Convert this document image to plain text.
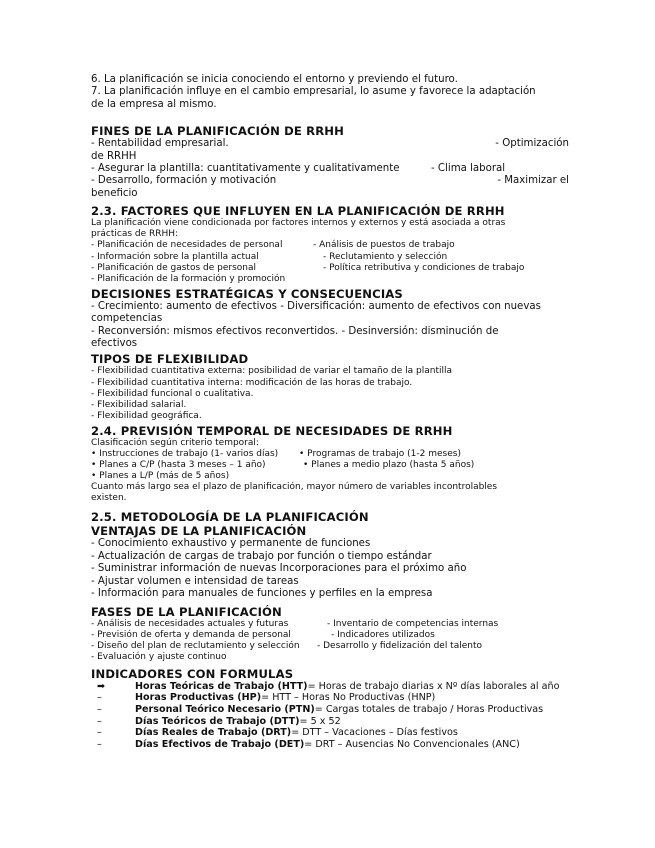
6. La planificación se inicia conociendo el entorno y previendo el futuro.

7. La planificación influye en el cambio empresarial, lo asume y favorece la adaptación

de la empresa al mismo.

FINES DE LA PLANIFICACIÓN DE RRHH

- Rentabilidad empresarial.	- Optimización

de RRHH

- Asegurar la plantilla: cuantitativamente y cualitativamente	- Clima laboral
- Desarrollo, formación y motivación	- Maximizar el

beneficio

2.3. FACTORES QUE INFLUYEN EN LA PLANIFICACIÓN DE RRHH

La planificación viene condicionada por factores internos y externos y está asociada a otras

prácticas de RRHH:

- Planificación de necesidades de personal	- Análisis de puestos de trabajo
- Información sobre la plantilla actual	- Reclutamiento y selección
- Planificación de gastos de personal	- Política retributiva y condiciones de trabajo
- Planificación de la formación y promoción

DECISIONES ESTRATÉGICAS Y CONSECUENCIAS

- Crecimiento: aumento de efectivos - Diversificación: aumento de efectivos con nuevas

competencias

- Reconversión: mismos efectivos reconvertidos. - Desinversión: disminución de

efectivos

TIPOS DE FLEXIBILIDAD

- Flexibilidad cuantitativa externa: posibilidad de variar el tamaño de la plantilla

- Flexibilidad cuantitativa interna: modificación de las horas de trabajo.

- Flexibilidad funcional o cualitativa.

- Flexibilidad salarial.

- Flexibilidad geográfica.

2.4. PREVISIÓN TEMPORAL DE NECESIDADES DE RRHH

Clasificación según criterio temporal:

• Instrucciones de trabajo (1- varios días)	• Programas de trabajo (1-2 meses)
• Planes a C/P (hasta 3 meses – 1 año)	• Planes a medio plazo (hasta 5 años)

• Planes a L/P (más de 5 años)

Cuanto más largo sea el plazo de planificación, mayor número de variables incontrolables

existen.

2.5. METODOLOGÍA DE LA PLANIFICACIÓN

VENTAJAS DE LA PLANIFICACIÓN

- Conocimiento exhaustivo y permanente de funciones

- Actualización de cargas de trabajo por función o tiempo estándar

- Suministrar información de nuevas Incorporaciones para el próximo año

- Ajustar volumen e intensidad de tareas

- Información para manuales de funciones y perfiles en la empresa

FASES DE LA PLANIFICACIÓN

- Análisis de necesidades actuales y futuras	- Inventario de competencias internas
- Previsión de oferta y demanda de personal	- Indicadores utilizados
- Diseño del plan de reclutamiento y selección	- Desarrollo y fidelización del talento
- Evaluación y ajuste continuo

INDICADORES CON FORMULAS

➡	Horas Teóricas de Trabajo (HTT) = Horas de trabajo diarias x Nº días laborales al año
–	Horas Productivas (HP) = HTT – Horas No Productivas (HNP)
–	Personal Teórico Necesario (PTN) = Cargas totales de trabajo / Horas Productivas
–	Días Teóricos de Trabajo (DTT) = 5 x 52
–	Días Reales de Trabajo (DRT) = DTT – Vacaciones – Días festivos
–	Días Efectivos de Trabajo (DET) = DRT – Ausencias No Convencionales (ANC)
